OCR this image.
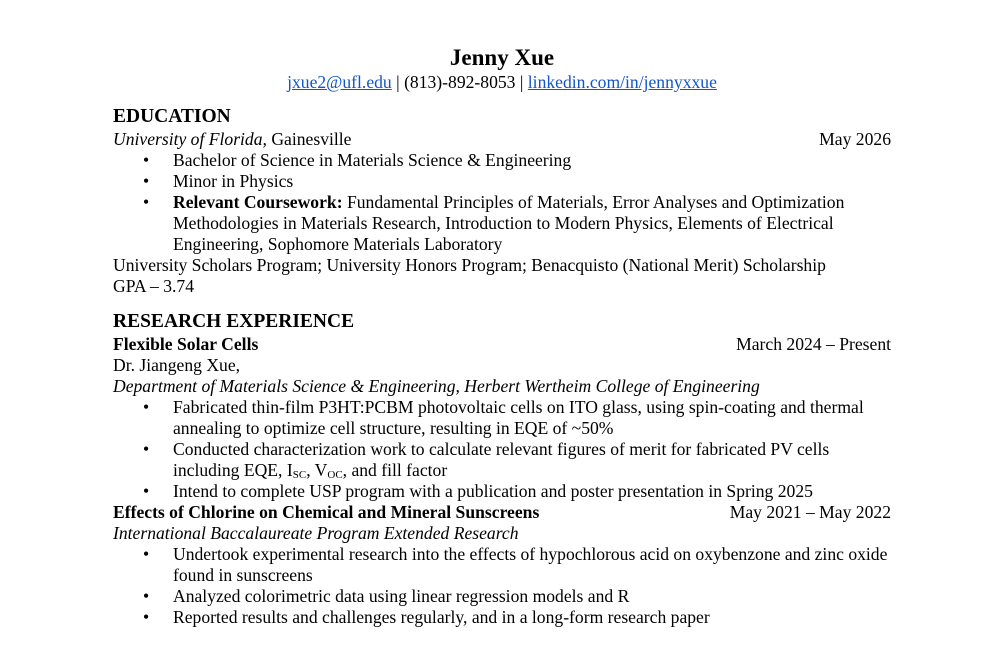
Jenny Xue
jxue2@ufl.edu | (813)-892-8053 | linkedin.com/in/jennyxxue
EDUCATION
University of Florida, Gainesville	May 2026
• Bachelor of Science in Materials Science & Engineering
• Minor in Physics
• Relevant Coursework: Fundamental Principles of Materials, Error Analyses and Optimization Methodologies in Materials Research, Introduction to Modern Physics, Elements of Electrical Engineering, Sophomore Materials Laboratory
University Scholars Program; University Honors Program; Benacquisto (National Merit) Scholarship
GPA – 3.74
RESEARCH EXPERIENCE
Flexible Solar Cells	March 2024 – Present
Dr. Jiangeng Xue,
Department of Materials Science & Engineering, Herbert Wertheim College of Engineering
• Fabricated thin-film P3HT:PCBM photovoltaic cells on ITO glass, using spin-coating and thermal annealing to optimize cell structure, resulting in EQE of ~50%
• Conducted characterization work to calculate relevant figures of merit for fabricated PV cells including EQE, $I_{SC}$, $V_{OC}$, and fill factor
• Intend to complete USP program with a publication and poster presentation in Spring 2025
Effects of Chlorine on Chemical and Mineral Sunscreens	May 2021 – May 2022
International Baccalaureate Program Extended Research
• Undertook experimental research into the effects of hypochlorous acid on oxybenzone and zinc oxide found in sunscreens
• Analyzed colorimetric data using linear regression models and R
• Reported results and challenges regularly, and in a long-form research paper
